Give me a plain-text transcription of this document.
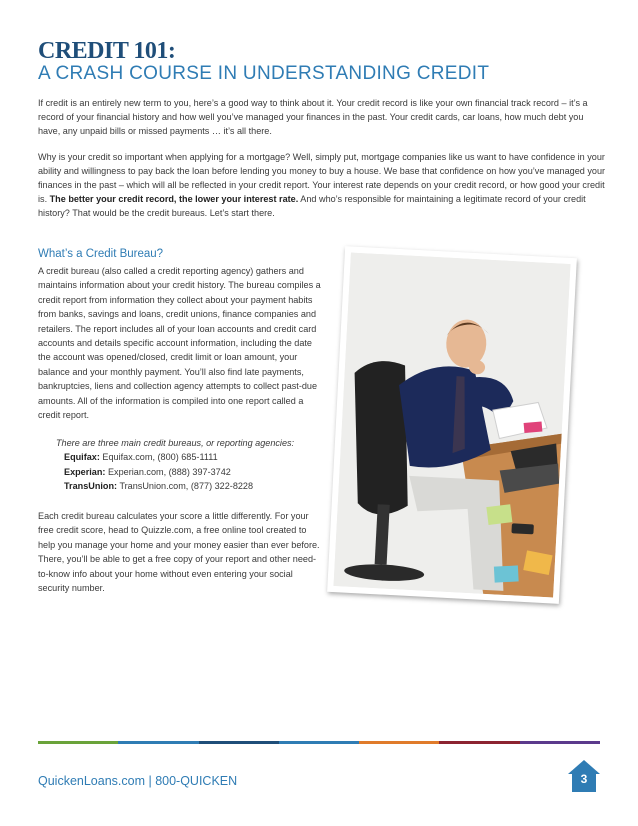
CREDIT 101:
A CRASH COURSE IN UNDERSTANDING CREDIT

If credit is an entirely new term to you, here’s a good way to think about it. Your credit record is like your own financial track record – it’s a record of your financial history and how well you’ve managed your finances in the past. Your credit cards, car loans, how much debt you have, any unpaid bills or missed payments … it’s all there.

Why is your credit so important when applying for a mortgage? Well, simply put, mortgage companies like us want to have confidence in your ability and willingness to pay back the loan before lending you money to buy a house. We base that confidence on how you’ve managed your finances in the past – which will all be reflected in your credit report. Your interest rate depends on your credit record, or how good your credit is. The better your credit record, the lower your interest rate. And who’s responsible for maintaining a legitimate record of your credit history? That would be the credit bureaus. Let’s start there.

What’s a Credit Bureau?

A credit bureau (also called a credit reporting agency) gathers and maintains information about your credit history. The bureau compiles a credit report from information they collect about your payment habits from banks, savings and loans, credit unions, finance companies and retailers. The report includes all of your loan accounts and credit card accounts and details specific account information, including the date the account was opened/closed, credit limit or loan amount, your balance and your monthly payment. You’ll also find late payments, bankruptcies, liens and collection agency attempts to collect past-due amounts. All of the information is compiled into one report called a credit report.

There are three main credit bureaus, or reporting agencies:

Equifax: Equifax.com, (800) 685-1111

Experian: Experian.com, (888) 397-3742

TransUnion: TransUnion.com, (877) 322-8228

Each credit bureau calculates your score a little differently. For your free credit score, head to Quizzle.com, a free online tool created to help you manage your home and your money easier than ever before. There, you’ll be able to get a free copy of your report and other need-to-know info about your home without even entering your social security number.

QuickenLoans.com | 800-QUICKEN	3
